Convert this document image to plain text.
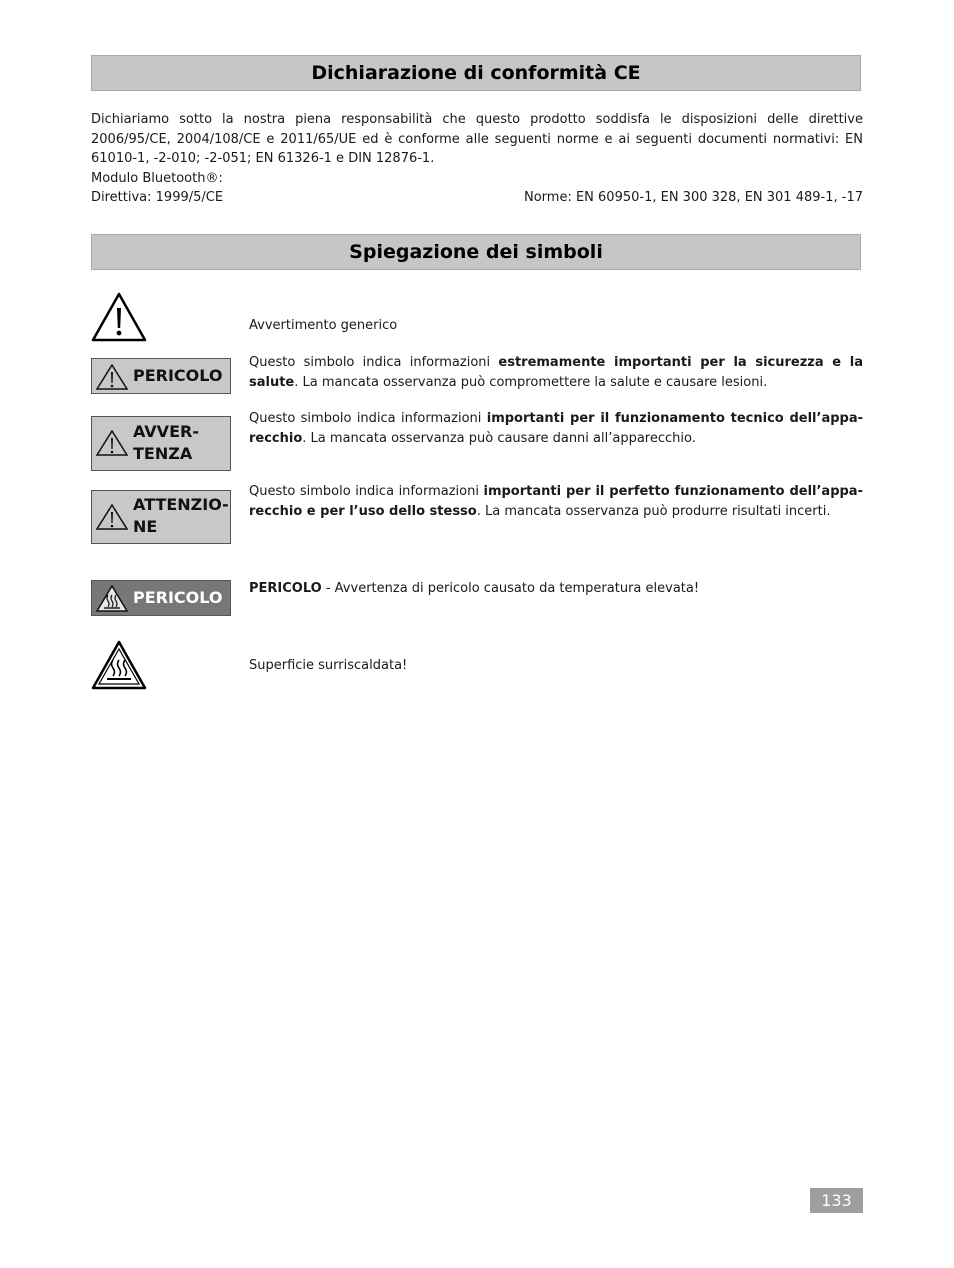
Dichiarazione di conformità CE

Dichiariamo sotto la nostra piena responsabilità che questo prodotto soddisfa le disposizioni delle direttive 2006/95/CE, 2004/108/CE e 2011/65/UE ed è conforme alle seguenti norme e ai seguenti documenti normativi: EN 61010-1, -2-010; -2-051; EN 61326-1 e DIN 12876-1.

Modulo Bluetooth®:

Direttiva: 1999/5/CE	Norme: EN 60950-1, EN 300 328, EN 301 489-1, -17
Spiegazione dei simboli
Avvertimento generico
PERICOLO
Questo simbolo indica informazioni estremamente importanti per la sicurezza e la salute. La mancata osservanza può compromettere la salute e causare lesioni.
AVVER-
TENZA
Questo simbolo indica informazioni importanti per il funzionamento tecnico dell’apparecchio. La mancata osservanza può causare danni all’apparecchio.
ATTENZIO-
NE
Questo simbolo indica informazioni importanti per il perfetto funzionamento dell’apparecchio e per l’uso dello stesso. La mancata osservanza può produrre risultati incerti.
PERICOLO	PERICOLO - Avvertenza di pericolo causato da temperatura elevata!
Superficie surriscaldata!
133
